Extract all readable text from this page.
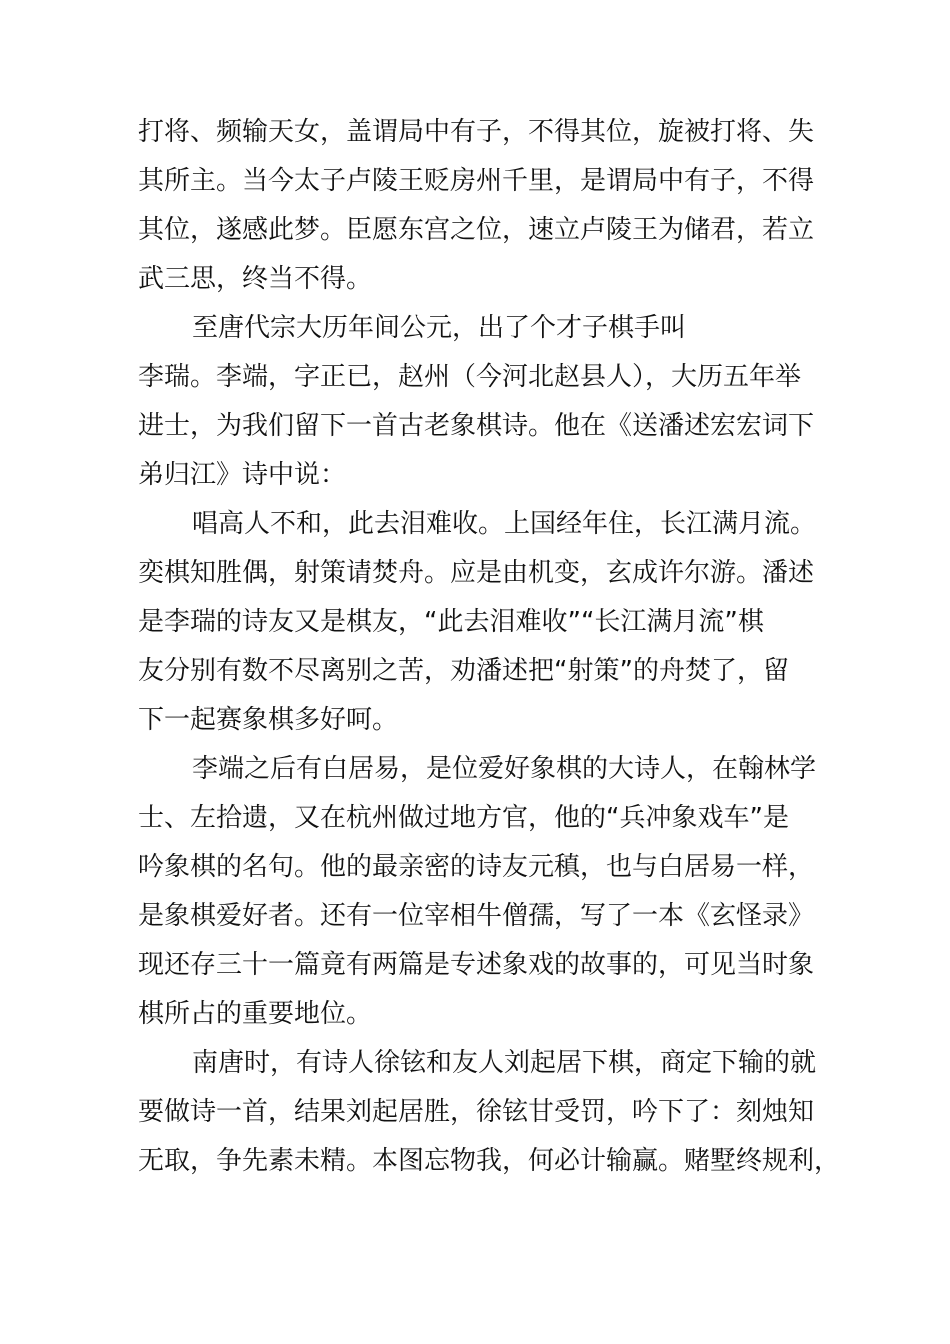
打将、频输天女，盖谓局中有子，不得其位，旋被打将、失
其所主。当今太子卢陵王贬房州千里，是谓局中有子，不得
其位，遂感此梦。臣愿东宫之位，速立卢陵王为储君，若立
武三思，终当不得。
至唐代宗大历年间公元，出了个才子棋手叫
李瑞。李端，字正已，赵州（今河北赵县人），大历五年举
进士，为我们留下一首古老象棋诗。他在《送潘述宏宏词下
弟归江》诗中说：
唱高人不和，此去泪难收。上国经年住，长江满月流。
奕棋知胜偶，射策请焚舟。应是由机变，玄成许尔游。潘述
是李瑞的诗友又是棋友，“此去泪难收”“长江满月流”棋
友分别有数不尽离别之苦，劝潘述把“射策”的舟焚了，留
下一起赛象棋多好呵。
李端之后有白居易，是位爱好象棋的大诗人，在翰林学
士、左拾遗，又在杭州做过地方官，他的“兵冲象戏车”是
吟象棋的名句。他的最亲密的诗友元稹，也与白居易一样，
是象棋爱好者。还有一位宰相牛僧孺，写了一本《玄怪录》
现还存三十一篇竟有两篇是专述象戏的故事的，可见当时象
棋所占的重要地位。
南唐时，有诗人徐铉和友人刘起居下棋，商定下输的就
要做诗一首，结果刘起居胜，徐铉甘受罚，吟下了：刻烛知
无取，争先素未精。本图忘物我，何必计输赢。赌墅终规利，
